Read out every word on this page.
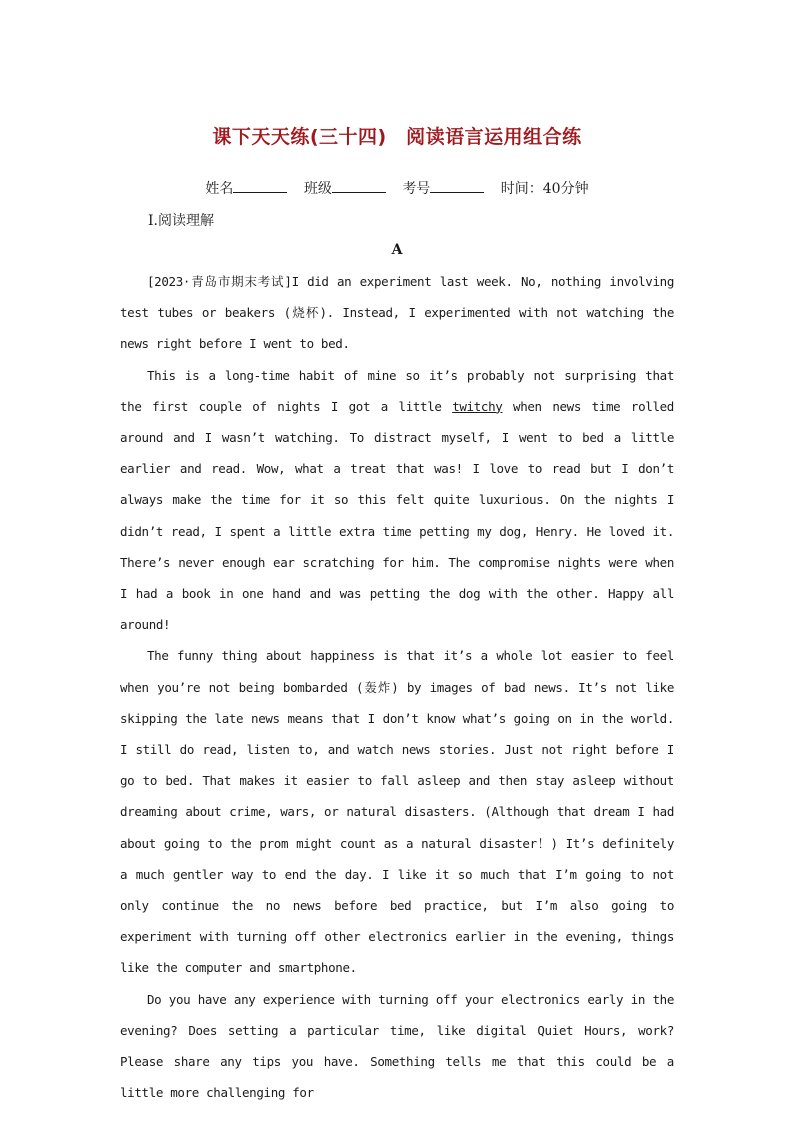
课下天天练(三十四)　阅读语言运用组合练
姓名	班级	考号	时间：40分钟
Ⅰ.阅读理解
A

[2023·青岛市期末考试]I did an experiment last week. No, nothing involving test tubes or beakers (烧杯). Instead, I experimented with not watching the news right before I went to bed.

This is a long-time habit of mine so it’s probably not surprising that the first couple of nights I got a little twitchy when news time rolled around and I wasn’t watching. To distract myself, I went to bed a little earlier and read. Wow, what a treat that was! I love to read but I don’t always make the time for it so this felt quite luxurious. On the nights I didn’t read, I spent a little extra time petting my dog, Henry. He loved it. There’s never enough ear scratching for him. The compromise nights were when I had a book in one hand and was petting the dog with the other. Happy all around!

The funny thing about happiness is that it’s a whole lot easier to feel when you’re not being bombarded (轰炸) by images of bad news. It’s not like skipping the late news means that I don’t know what’s going on in the world. I still do read, listen to, and watch news stories. Just not right before I go to bed. That makes it easier to fall asleep and then stay asleep without dreaming about crime, wars, or natural disasters. (Although that dream I had about going to the prom might count as a natural disaster！) It’s definitely a much gentler way to end the day. I like it so much that I’m going to not only continue the no news before bed practice, but I’m also going to experiment with turning off other electronics earlier in the evening, things like the computer and smartphone.

Do you have any experience with turning off your electronics early in the evening? Does setting a particular time, like digital Quiet Hours, work? Please share any tips you have. Something tells me that this could be a little more challenging for
